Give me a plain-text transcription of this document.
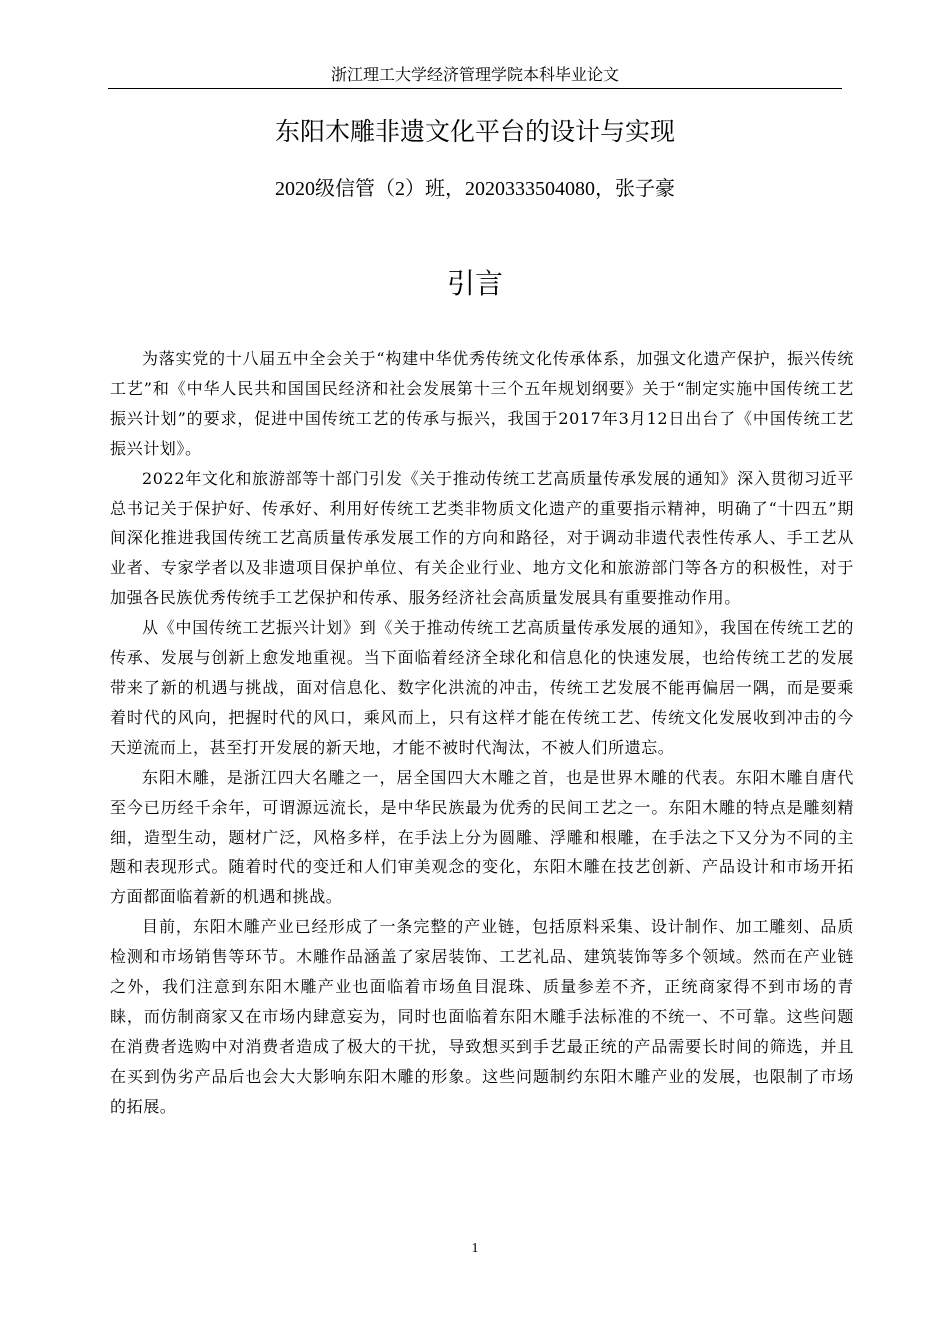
浙江理工大学经济管理学院本科毕业论文
东阳木雕非遗文化平台的设计与实现
2020级信管（2）班，2020333504080，张子豪
引言

为落实党的十八届五中全会关于“构建中华优秀传统文化传承体系，加强文化遗产保护，振兴传统工艺”和《中华人民共和国国民经济和社会发展第十三个五年规划纲要》关于“制定实施中国传统工艺振兴计划”的要求，促进中国传统工艺的传承与振兴，我国于2017年3月12日出台了《中国传统工艺振兴计划》。

2022年文化和旅游部等十部门引发《关于推动传统工艺高质量传承发展的通知》深入贯彻习近平总书记关于保护好、传承好、利用好传统工艺类非物质文化遗产的重要指示精神，明确了“十四五”期间深化推进我国传统工艺高质量传承发展工作的方向和路径，对于调动非遗代表性传承人、手工艺从业者、专家学者以及非遗项目保护单位、有关企业行业、地方文化和旅游部门等各方的积极性，对于加强各民族优秀传统手工艺保护和传承、服务经济社会高质量发展具有重要推动作用。

从《中国传统工艺振兴计划》到《关于推动传统工艺高质量传承发展的通知》，我国在传统工艺的传承、发展与创新上愈发地重视。当下面临着经济全球化和信息化的快速发展，也给传统工艺的发展带来了新的机遇与挑战，面对信息化、数字化洪流的冲击，传统工艺发展不能再偏居一隅，而是要乘着时代的风向，把握时代的风口，乘风而上，只有这样才能在传统工艺、传统文化发展收到冲击的今天逆流而上，甚至打开发展的新天地，才能不被时代淘汰，不被人们所遗忘。

东阳木雕，是浙江四大名雕之一，居全国四大木雕之首，也是世界木雕的代表。东阳木雕自唐代至今已历经千余年，可谓源远流长，是中华民族最为优秀的民间工艺之一。东阳木雕的特点是雕刻精细，造型生动，题材广泛，风格多样，在手法上分为圆雕、浮雕和根雕，在手法之下又分为不同的主题和表现形式。随着时代的变迁和人们审美观念的变化，东阳木雕在技艺创新、产品设计和市场开拓方面都面临着新的机遇和挑战。

目前，东阳木雕产业已经形成了一条完整的产业链，包括原料采集、设计制作、加工雕刻、品质检测和市场销售等环节。木雕作品涵盖了家居装饰、工艺礼品、建筑装饰等多个领域。然而在产业链之外，我们注意到东阳木雕产业也面临着市场鱼目混珠、质量参差不齐，正统商家得不到市场的青睐，而仿制商家又在市场内肆意妄为，同时也面临着东阳木雕手法标准的不统一、不可靠。这些问题在消费者选购中对消费者造成了极大的干扰，导致想买到手艺最正统的产品需要长时间的筛选，并且在买到伪劣产品后也会大大影响东阳木雕的形象。这些问题制约东阳木雕产业的发展，也限制了市场的拓展。

1
